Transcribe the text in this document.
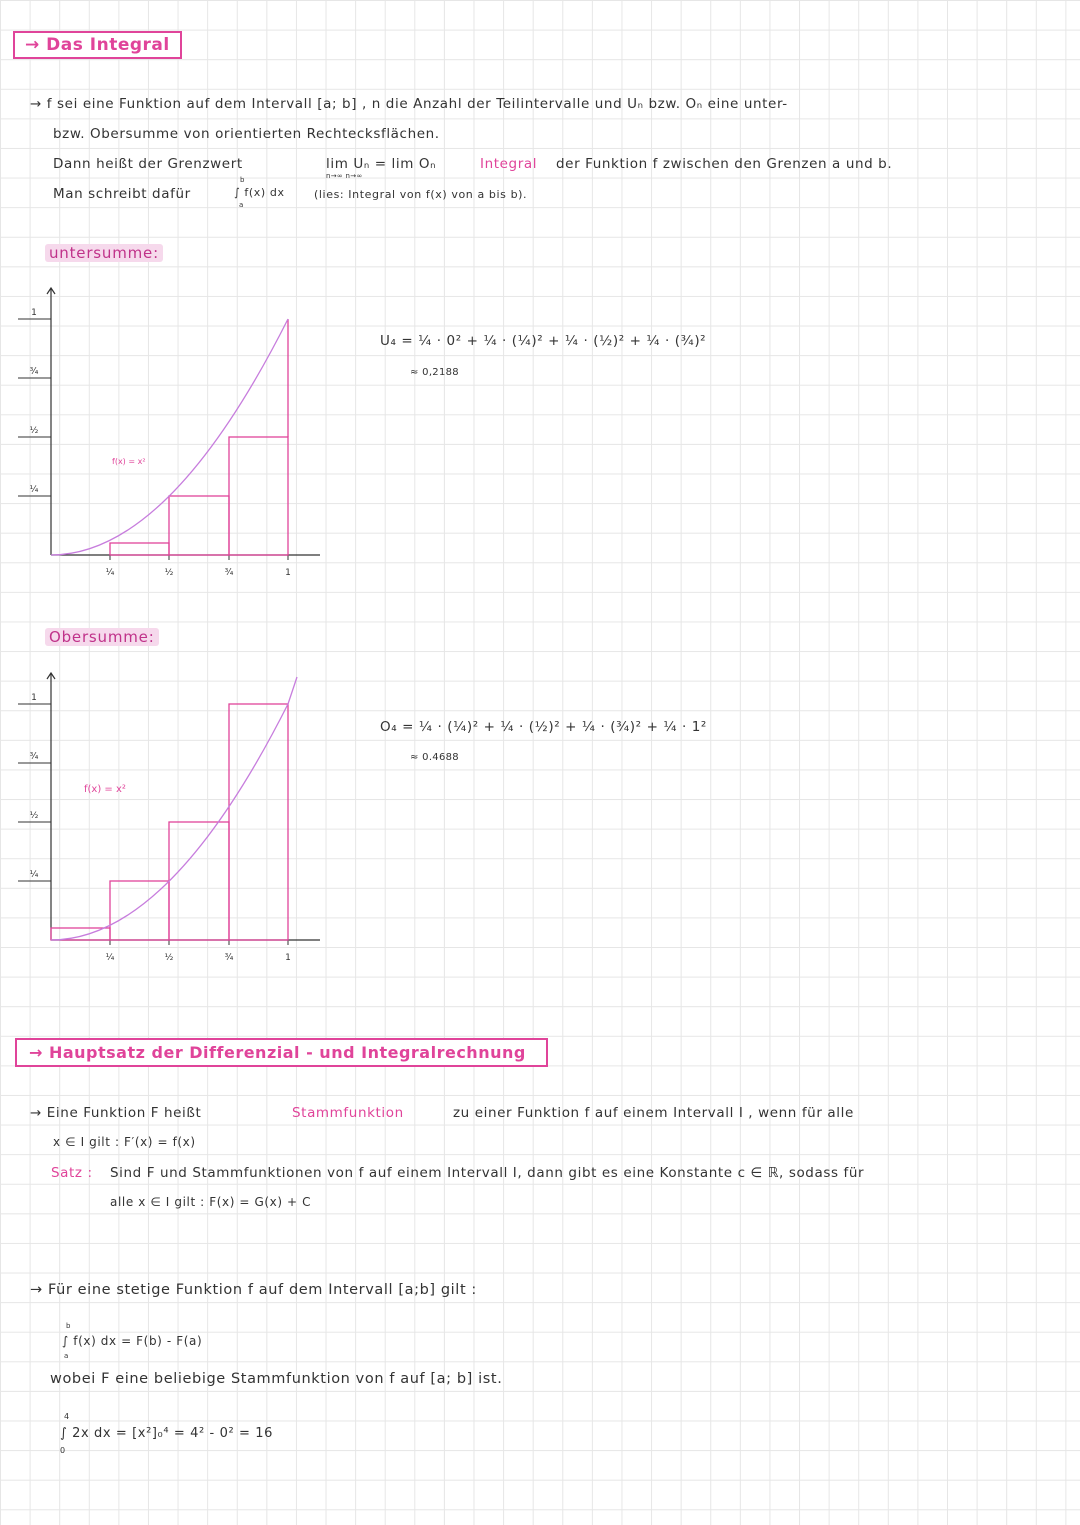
→ Das Integral
→ f sei eine Funktion auf dem Intervall [a; b] , n die Anzahl der Teilintervalle und Uₙ bzw. Oₙ eine unter-
bzw. Obersumme von orientierten Rechtecksflächen.
Dann heißt der Grenzwert	lim Uₙ = lim Oₙ
n→∞ n→∞
Integral der Funktion f zwischen den Grenzen a und b.
Man schreibt dafür
b
∫ f(x) dx
a
(lies: Integral von f(x) von a bis b).
untersumme:
1
¾
½
¼
¼	½	¾	1
f(x) = x²
U₄ = ¼ · 0² + ¼ · (¼)² + ¼ · (½)² + ¼ · (¾)²
≈ 0,2188
Obersumme:
1
¾
½
¼
¼	½	¾	1
f(x) = x²
O₄ = ¼ · (¼)² + ¼ · (½)² + ¼ · (¾)² + ¼ · 1²
≈ 0.4688
→ Hauptsatz der Differenzial - und Integralrechnung
→ Eine Funktion F heißt	Stammfunktion	zu einer Funktion f auf einem Intervall I , wenn für alle
x ∈ I gilt : F′(x) = f(x)
Satz : Sind F und Stammfunktionen von f auf einem Intervall I, dann gibt es eine Konstante c ∈ ℝ, sodass für
alle x ∈ I gilt : F(x) = G(x) + C
→ Für eine stetige Funktion f auf dem Intervall [a;b] gilt :
b
∫ f(x) dx = F(b) - F(a)
a
wobei F eine beliebige Stammfunktion von f auf [a; b] ist.
4
∫ 2x dx = [x²]₀⁴ = 4² - 0² = 16
0
